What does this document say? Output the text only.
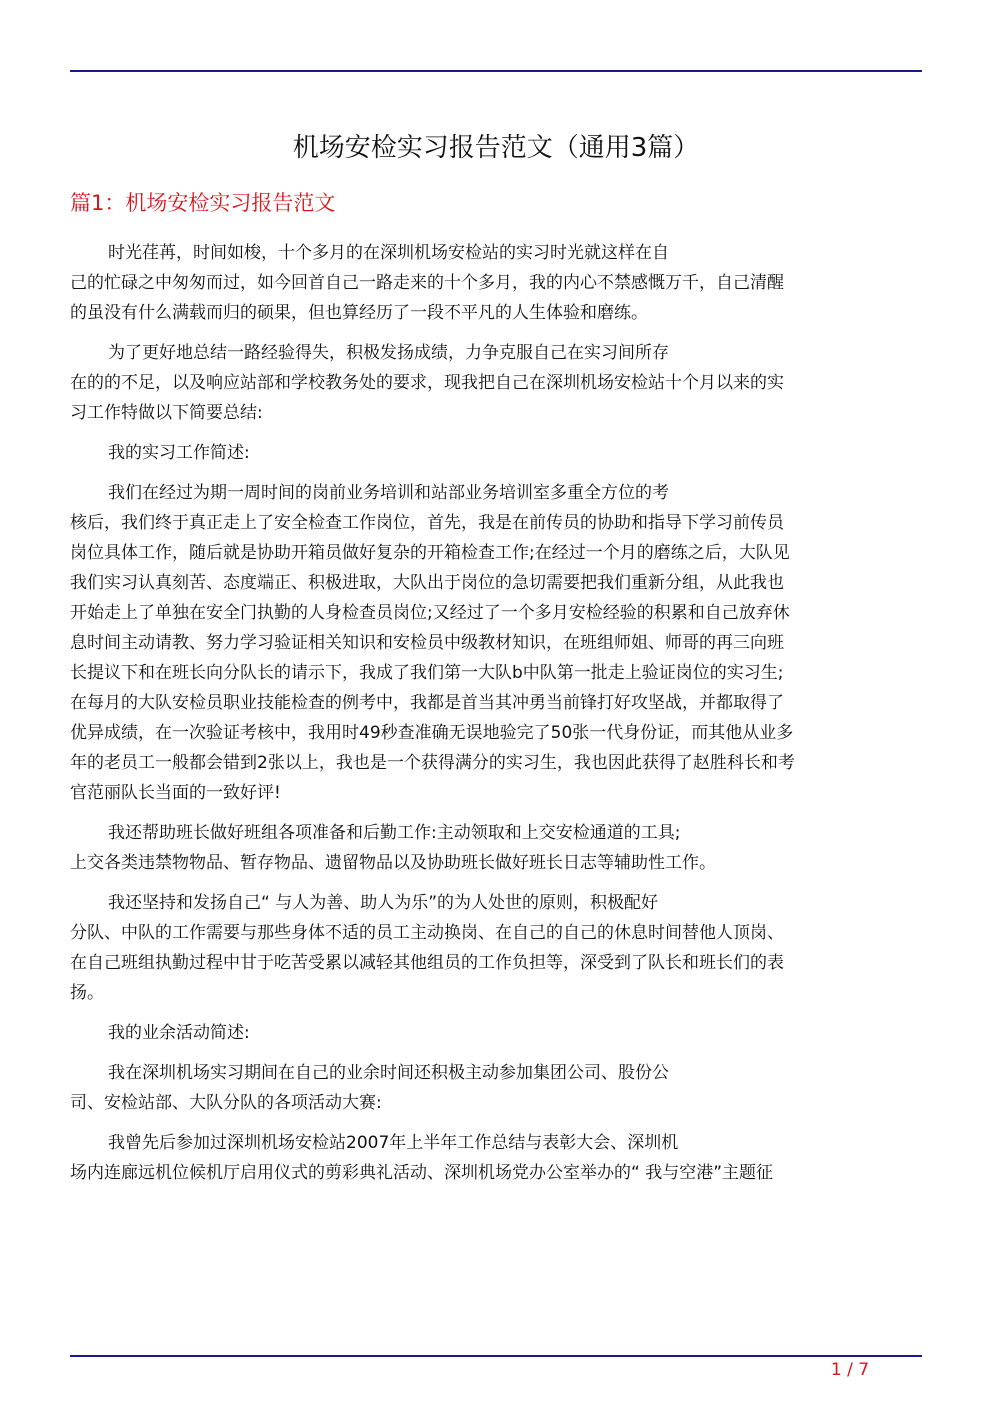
机场安检实习报告范文（通用3篇）
篇1：机场安检实习报告范文

时光荏苒，时间如梭，十个多月的在深圳机场安检站的实习时光就这样在自
己的忙碌之中匆匆而过，如今回首自己一路走来的十个多月，我的内心不禁感慨万千，自己清醒
的虽没有什么满载而归的硕果，但也算经历了一段不平凡的人生体验和磨练。

为了更好地总结一路经验得失，积极发扬成绩，力争克服自己在实习间所存
在的的不足，以及响应站部和学校教务处的要求，现我把自己在深圳机场安检站十个月以来的实
习工作特做以下简要总结:

我的实习工作简述:

我们在经过为期一周时间的岗前业务培训和站部业务培训室多重全方位的考
核后，我们终于真正走上了安全检查工作岗位，首先，我是在前传员的协助和指导下学习前传员
岗位具体工作，随后就是协助开箱员做好复杂的开箱检查工作;在经过一个月的磨练之后，大队见
我们实习认真刻苦、态度端正、积极进取，大队出于岗位的急切需要把我们重新分组，从此我也
开始走上了单独在安全门执勤的人身检查员岗位;又经过了一个多月安检经验的积累和自己放弃休
息时间主动请教、努力学习验证相关知识和安检员中级教材知识，在班组师姐、师哥的再三向班
长提议下和在班长向分队长的请示下，我成了我们第一大队b中队第一批走上验证岗位的实习生;
在每月的大队安检员职业技能检查的例考中，我都是首当其冲勇当前锋打好攻坚战，并都取得了
优异成绩，在一次验证考核中，我用时49秒查准确无误地验完了50张一代身份证，而其他从业多
年的老员工一般都会错到2张以上，我也是一个获得满分的实习生，我也因此获得了赵胜科长和考
官范丽队长当面的一致好评!

我还帮助班长做好班组各项准备和后勤工作:主动领取和上交安检通道的工具;
上交各类违禁物物品、暂存物品、遗留物品以及协助班长做好班长日志等辅助性工作。

我还坚持和发扬自己“ 与人为善、助人为乐”的为人处世的原则，积极配好
分队、中队的工作需要与那些身体不适的员工主动换岗、在自己的自己的休息时间替他人顶岗、
在自己班组执勤过程中甘于吃苦受累以减轻其他组员的工作负担等，深受到了队长和班长们的表
扬。

我的业余活动简述:

我在深圳机场实习期间在自己的业余时间还积极主动参加集团公司、股份公
司、安检站部、大队分队的各项活动大赛:

我曾先后参加过深圳机场安检站2007年上半年工作总结与表彰大会、深圳机
场内连廊远机位候机厅启用仪式的剪彩典礼活动、深圳机场党办公室举办的“ 我与空港”主题征

1 / 7
